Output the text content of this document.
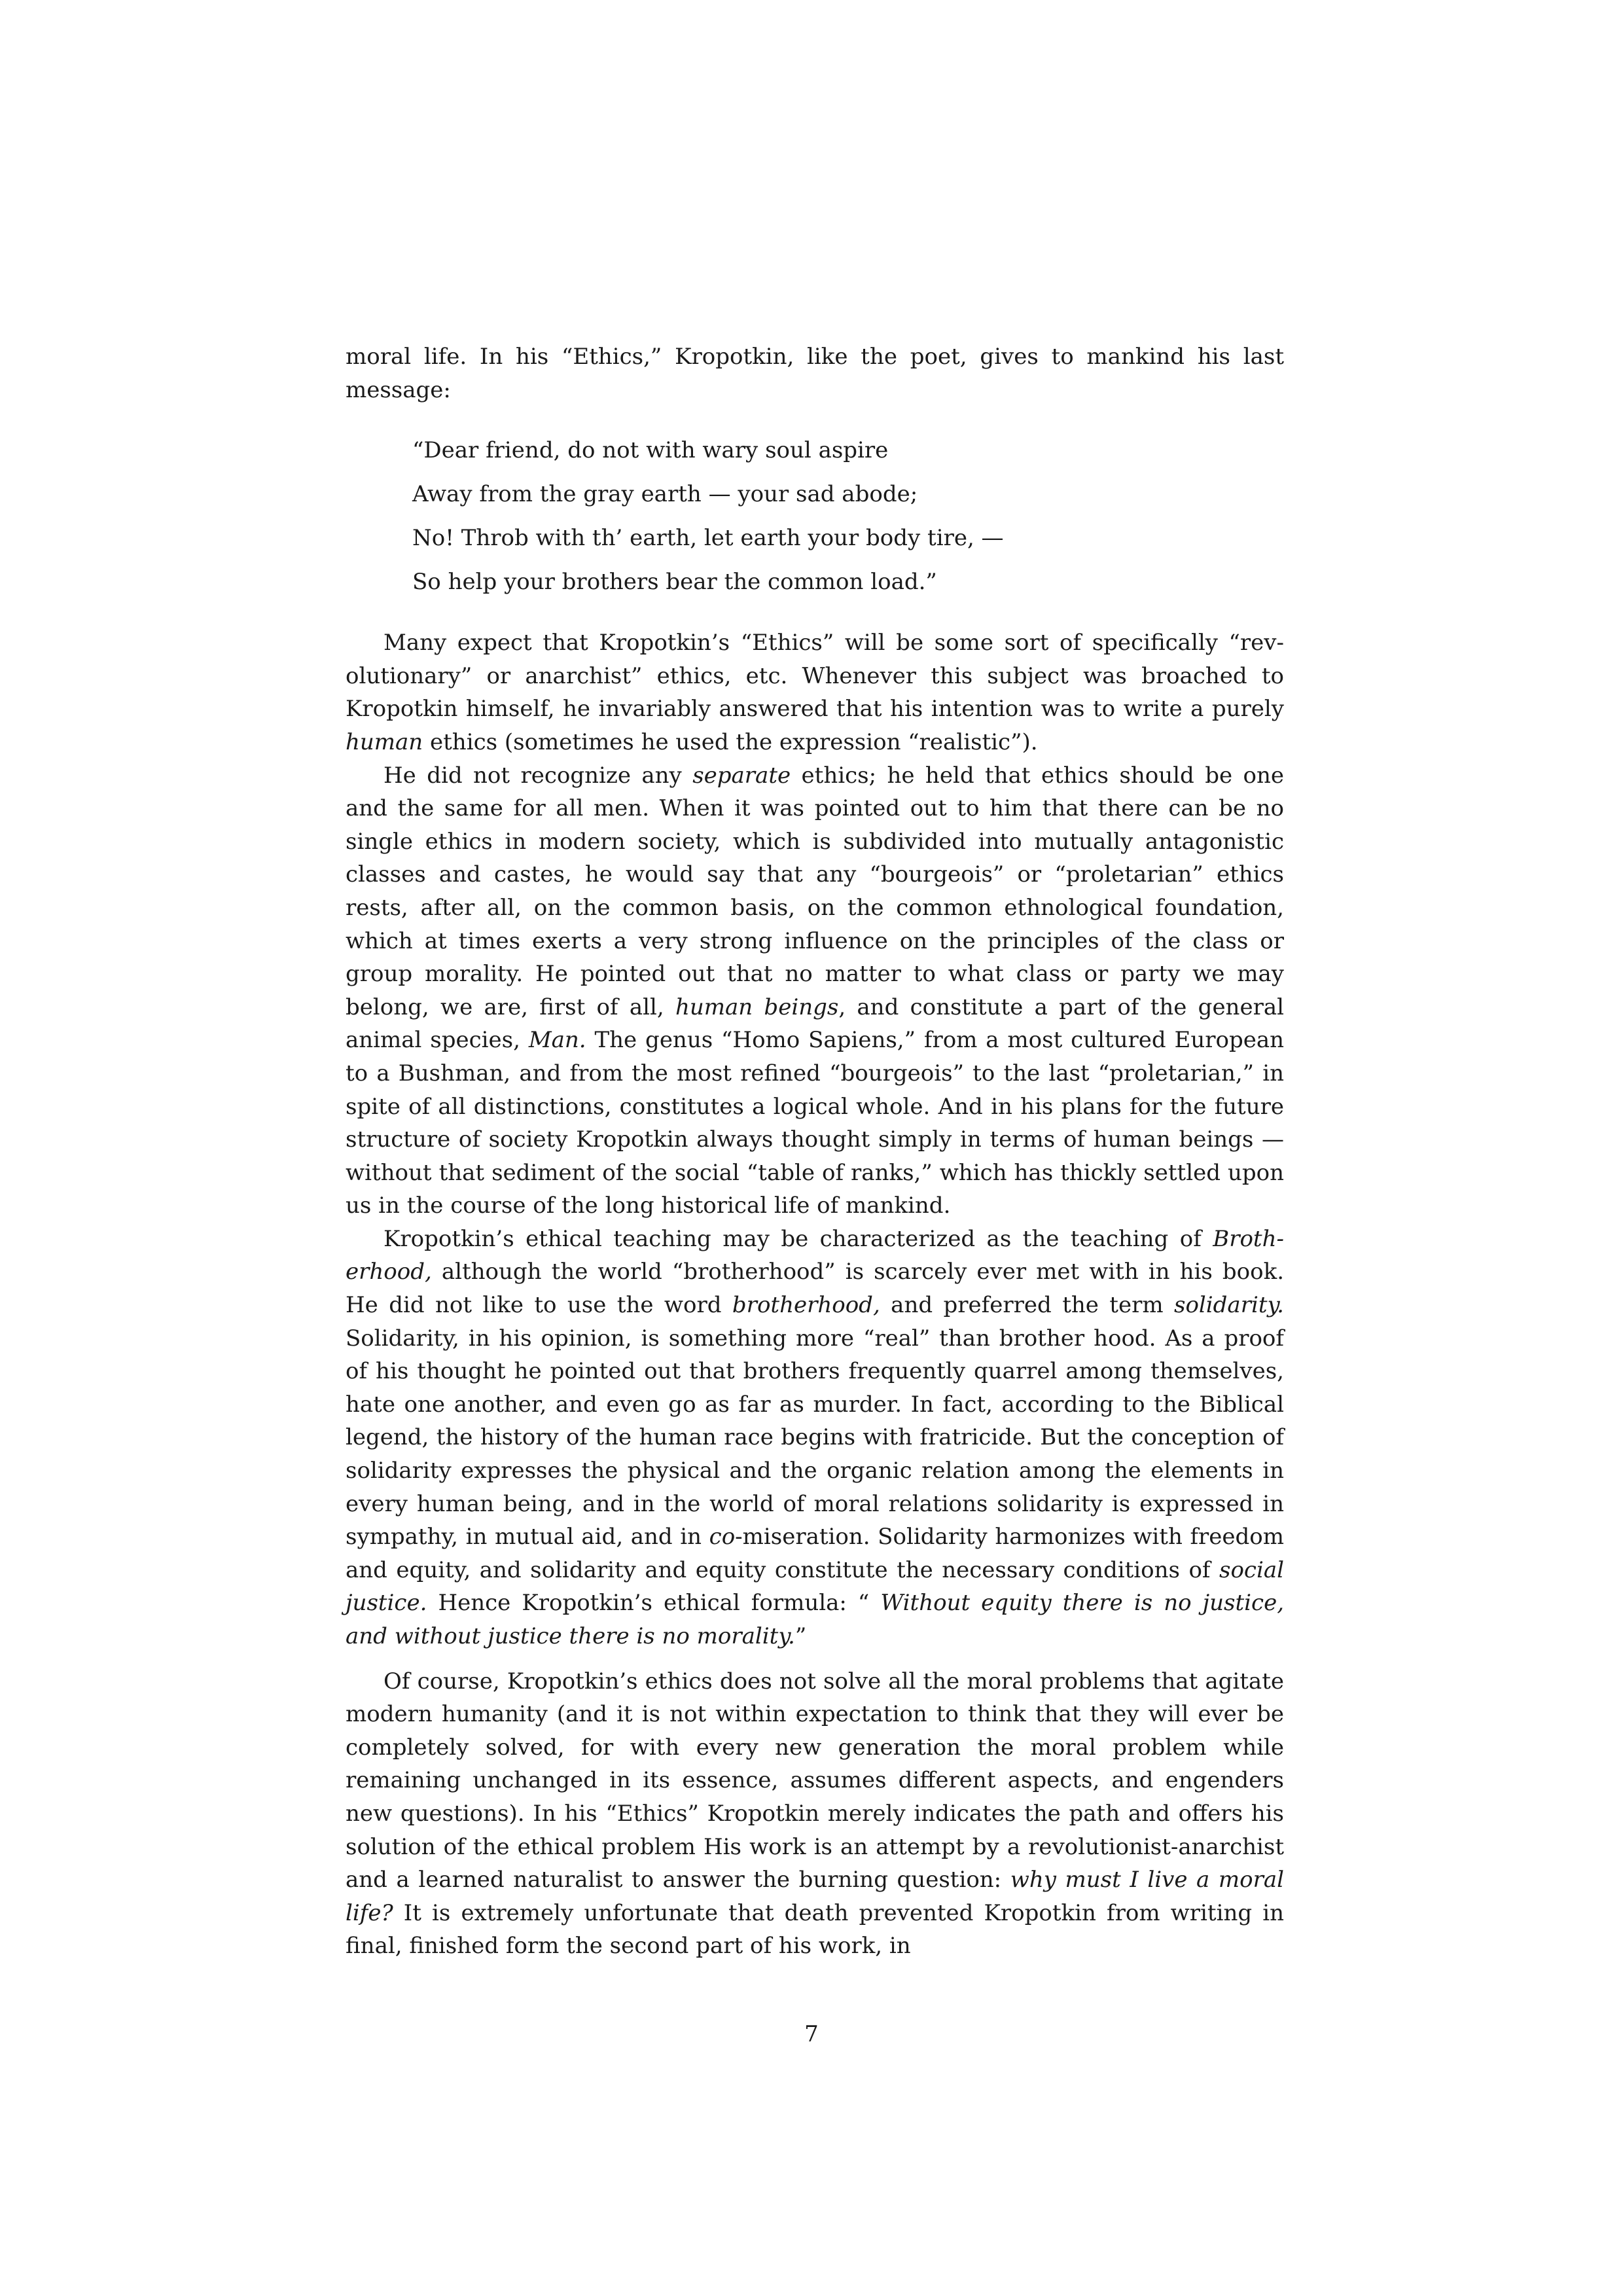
moral life. In his “Ethics,” Kropotkin, like the poet, gives to mankind his last message:

“Dear friend, do not with wary soul aspire
Away from the gray earth — your sad abode;
No! Throb with th’ earth, let earth your body tire, —
So help your brothers bear the common load.”

Many expect that Kropotkin’s “Ethics” will be some sort of specifically “revolutionary” or anarchist” ethics, etc. Whenever this subject was broached to Kropotkin himself, he invariably answered that his intention was to write a purely human ethics (sometimes he used the expression “realistic”).

He did not recognize any separate ethics; he held that ethics should be one and the same for all men. When it was pointed out to him that there can be no single ethics in modern society, which is subdivided into mutually antagonistic classes and castes, he would say that any “bourgeois” or “proletarian” ethics rests, after all, on the common basis, on the common ethnological foundation, which at times exerts a very strong influence on the principles of the class or group morality. He pointed out that no matter to what class or party we may belong, we are, first of all, human beings, and constitute a part of the general animal species, Man. The genus “Homo Sapiens,” from a most cultured European to a Bushman, and from the most refined “bourgeois” to the last “proletarian,” in spite of all distinctions, constitutes a logical whole. And in his plans for the future structure of society Kropotkin always thought simply in terms of human beings — without that sediment of the social “table of ranks,” which has thickly settled upon us in the course of the long historical life of mankind.

Kropotkin’s ethical teaching may be characterized as the teaching of Brotherhood, although the world “brotherhood” is scarcely ever met with in his book. He did not like to use the word brotherhood, and preferred the term solidarity. Solidarity, in his opinion, is something more “real” than brother hood. As a proof of his thought he pointed out that brothers frequently quarrel among themselves, hate one another, and even go as far as murder. In fact, according to the Biblical legend, the history of the human race begins with fratricide. But the conception of solidarity expresses the physical and the organic relation among the elements in every human being, and in the world of moral relations solidarity is expressed in sympathy, in mutual aid, and in co-miseration. Solidarity harmonizes with freedom and equity, and solidarity and equity constitute the necessary conditions of social justice. Hence Kropotkin’s ethical formula: “ Without equity there is no justice, and without justice there is no morality.”

Of course, Kropotkin’s ethics does not solve all the moral problems that agitate modern humanity (and it is not within expectation to think that they will ever be completely solved, for with every new generation the moral problem while remaining unchanged in its essence, assumes different aspects, and engenders new questions). In his “Ethics” Kropotkin merely indicates the path and offers his solution of the ethical problem His work is an attempt by a revolutionist-anarchist and a learned naturalist to answer the burning question: why must I live a moral life? It is extremely unfortunate that death prevented Kropotkin from writing in final, finished form the second part of his work, in

7
